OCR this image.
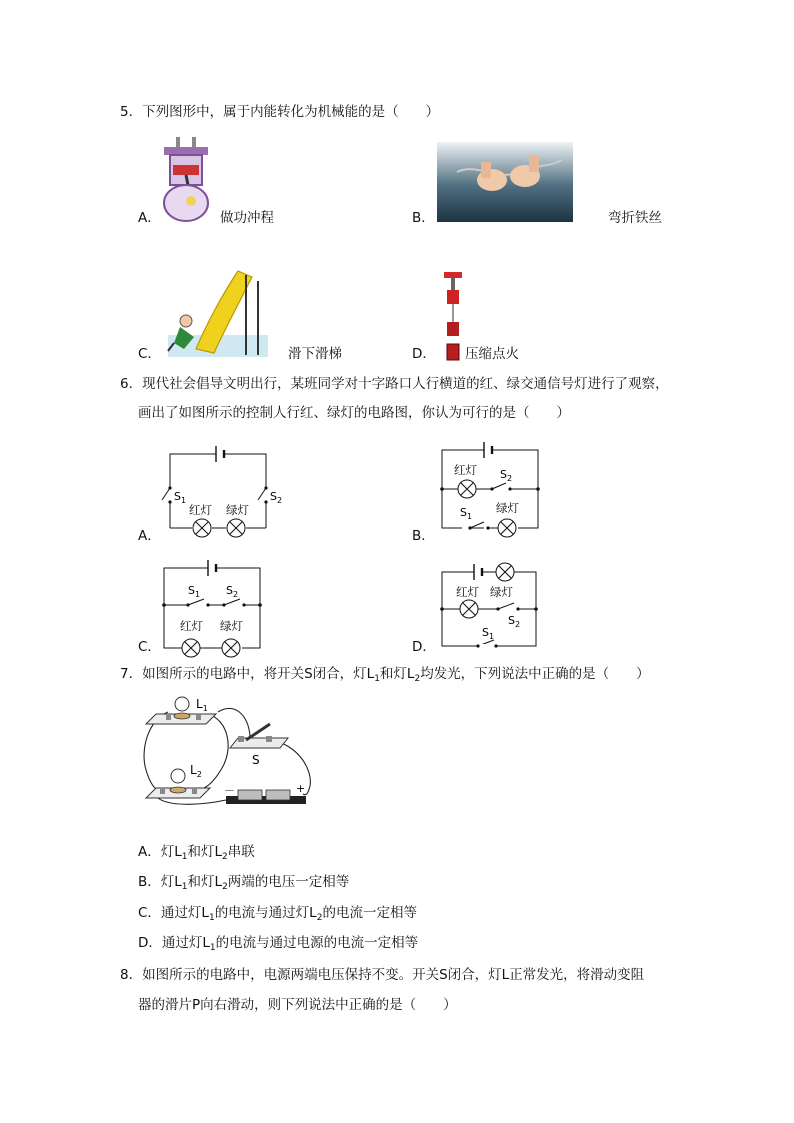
5．下列图形中，属于内能转化为机械能的是（　　）
A．	做功冲程	B．	弯折铁丝
C．	滑下滑梯	D． 压缩点火
6．现代社会倡导文明出行，某班同学对十字路口人行横道的红、绿交通信号灯进行了观察，
画出了如图所示的控制人行红、绿灯的电路图，你认为可行的是（　　）
A．
$S_1$	$S_2$
红灯 绿灯
B．
红灯 $S_2$
$S_1$
绿灯
C．
$S_1$ $S_2$
红灯 绿灯
D．
红灯 绿灯
$S_2$
$S_1$
7．如图所示的电路中，将开关S闭合，灯$L_1$和灯$L_2$均发光，下列说法中正确的是（　　）
$L_1$
S
$L_2$
－	+
A．灯$L_1$和灯$L_2$串联
B．灯$L_1$和灯$L_2$两端的电压一定相等
C．通过灯$L_1$的电流与通过灯$L_2$的电流一定相等
D．通过灯$L_1$的电流与通过电源的电流一定相等
8．如图所示的电路中，电源两端电压保持不变。开关S闭合，灯L正常发光，将滑动变阻
器的滑片P向右滑动，则下列说法中正确的是（　　）
